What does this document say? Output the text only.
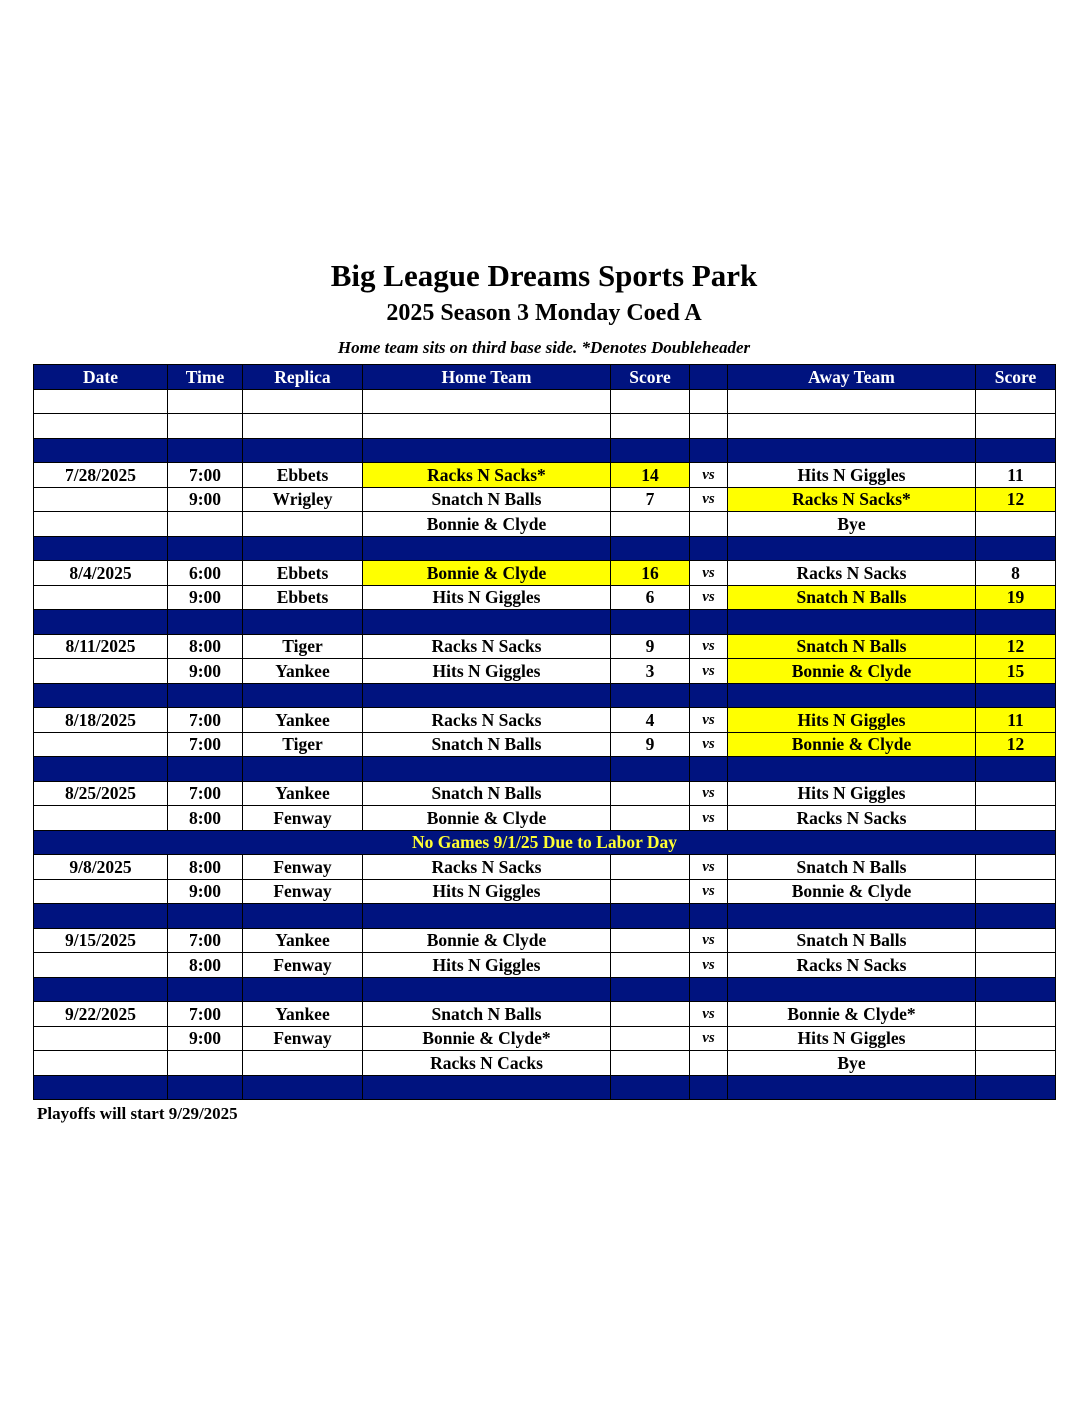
Big League Dreams Sports Park
2025 Season 3 Monday Coed A
Home team sits on third base side. *Denotes Doubleheader
Date	Time	Replica	Home Team	Score		Away Team	Score

7/28/2025	7:00	Ebbets	Racks N Sacks*	14	vs	Hits N Giggles	11
	9:00	Wrigley	Snatch N Balls	7	vs	Racks N Sacks*	12
			Bonnie & Clyde			Bye	

8/4/2025	6:00	Ebbets	Bonnie & Clyde	16	vs	Racks N Sacks	8
	9:00	Ebbets	Hits N Giggles	6	vs	Snatch N Balls	19

8/11/2025	8:00	Tiger	Racks N Sacks	9	vs	Snatch N Balls	12
	9:00	Yankee	Hits N Giggles	3	vs	Bonnie & Clyde	15

8/18/2025	7:00	Yankee	Racks N Sacks	4	vs	Hits N Giggles	11
	7:00	Tiger	Snatch N Balls	9	vs	Bonnie & Clyde	12

8/25/2025	7:00	Yankee	Snatch N Balls		vs	Hits N Giggles	
	8:00	Fenway	Bonnie & Clyde		vs	Racks N Sacks	
No Games 9/1/25 Due to Labor Day							
9/8/2025	8:00	Fenway	Racks N Sacks		vs	Snatch N Balls	
	9:00	Fenway	Hits N Giggles		vs	Bonnie & Clyde	

9/15/2025	7:00	Yankee	Bonnie & Clyde		vs	Snatch N Balls	
	8:00	Fenway	Hits N Giggles		vs	Racks N Sacks	

9/22/2025	7:00	Yankee	Snatch N Balls		vs	Bonnie & Clyde*	
	9:00	Fenway	Bonnie & Clyde*		vs	Hits N Giggles	
			Racks N Cacks			Bye	

Playoffs will start 9/29/2025
